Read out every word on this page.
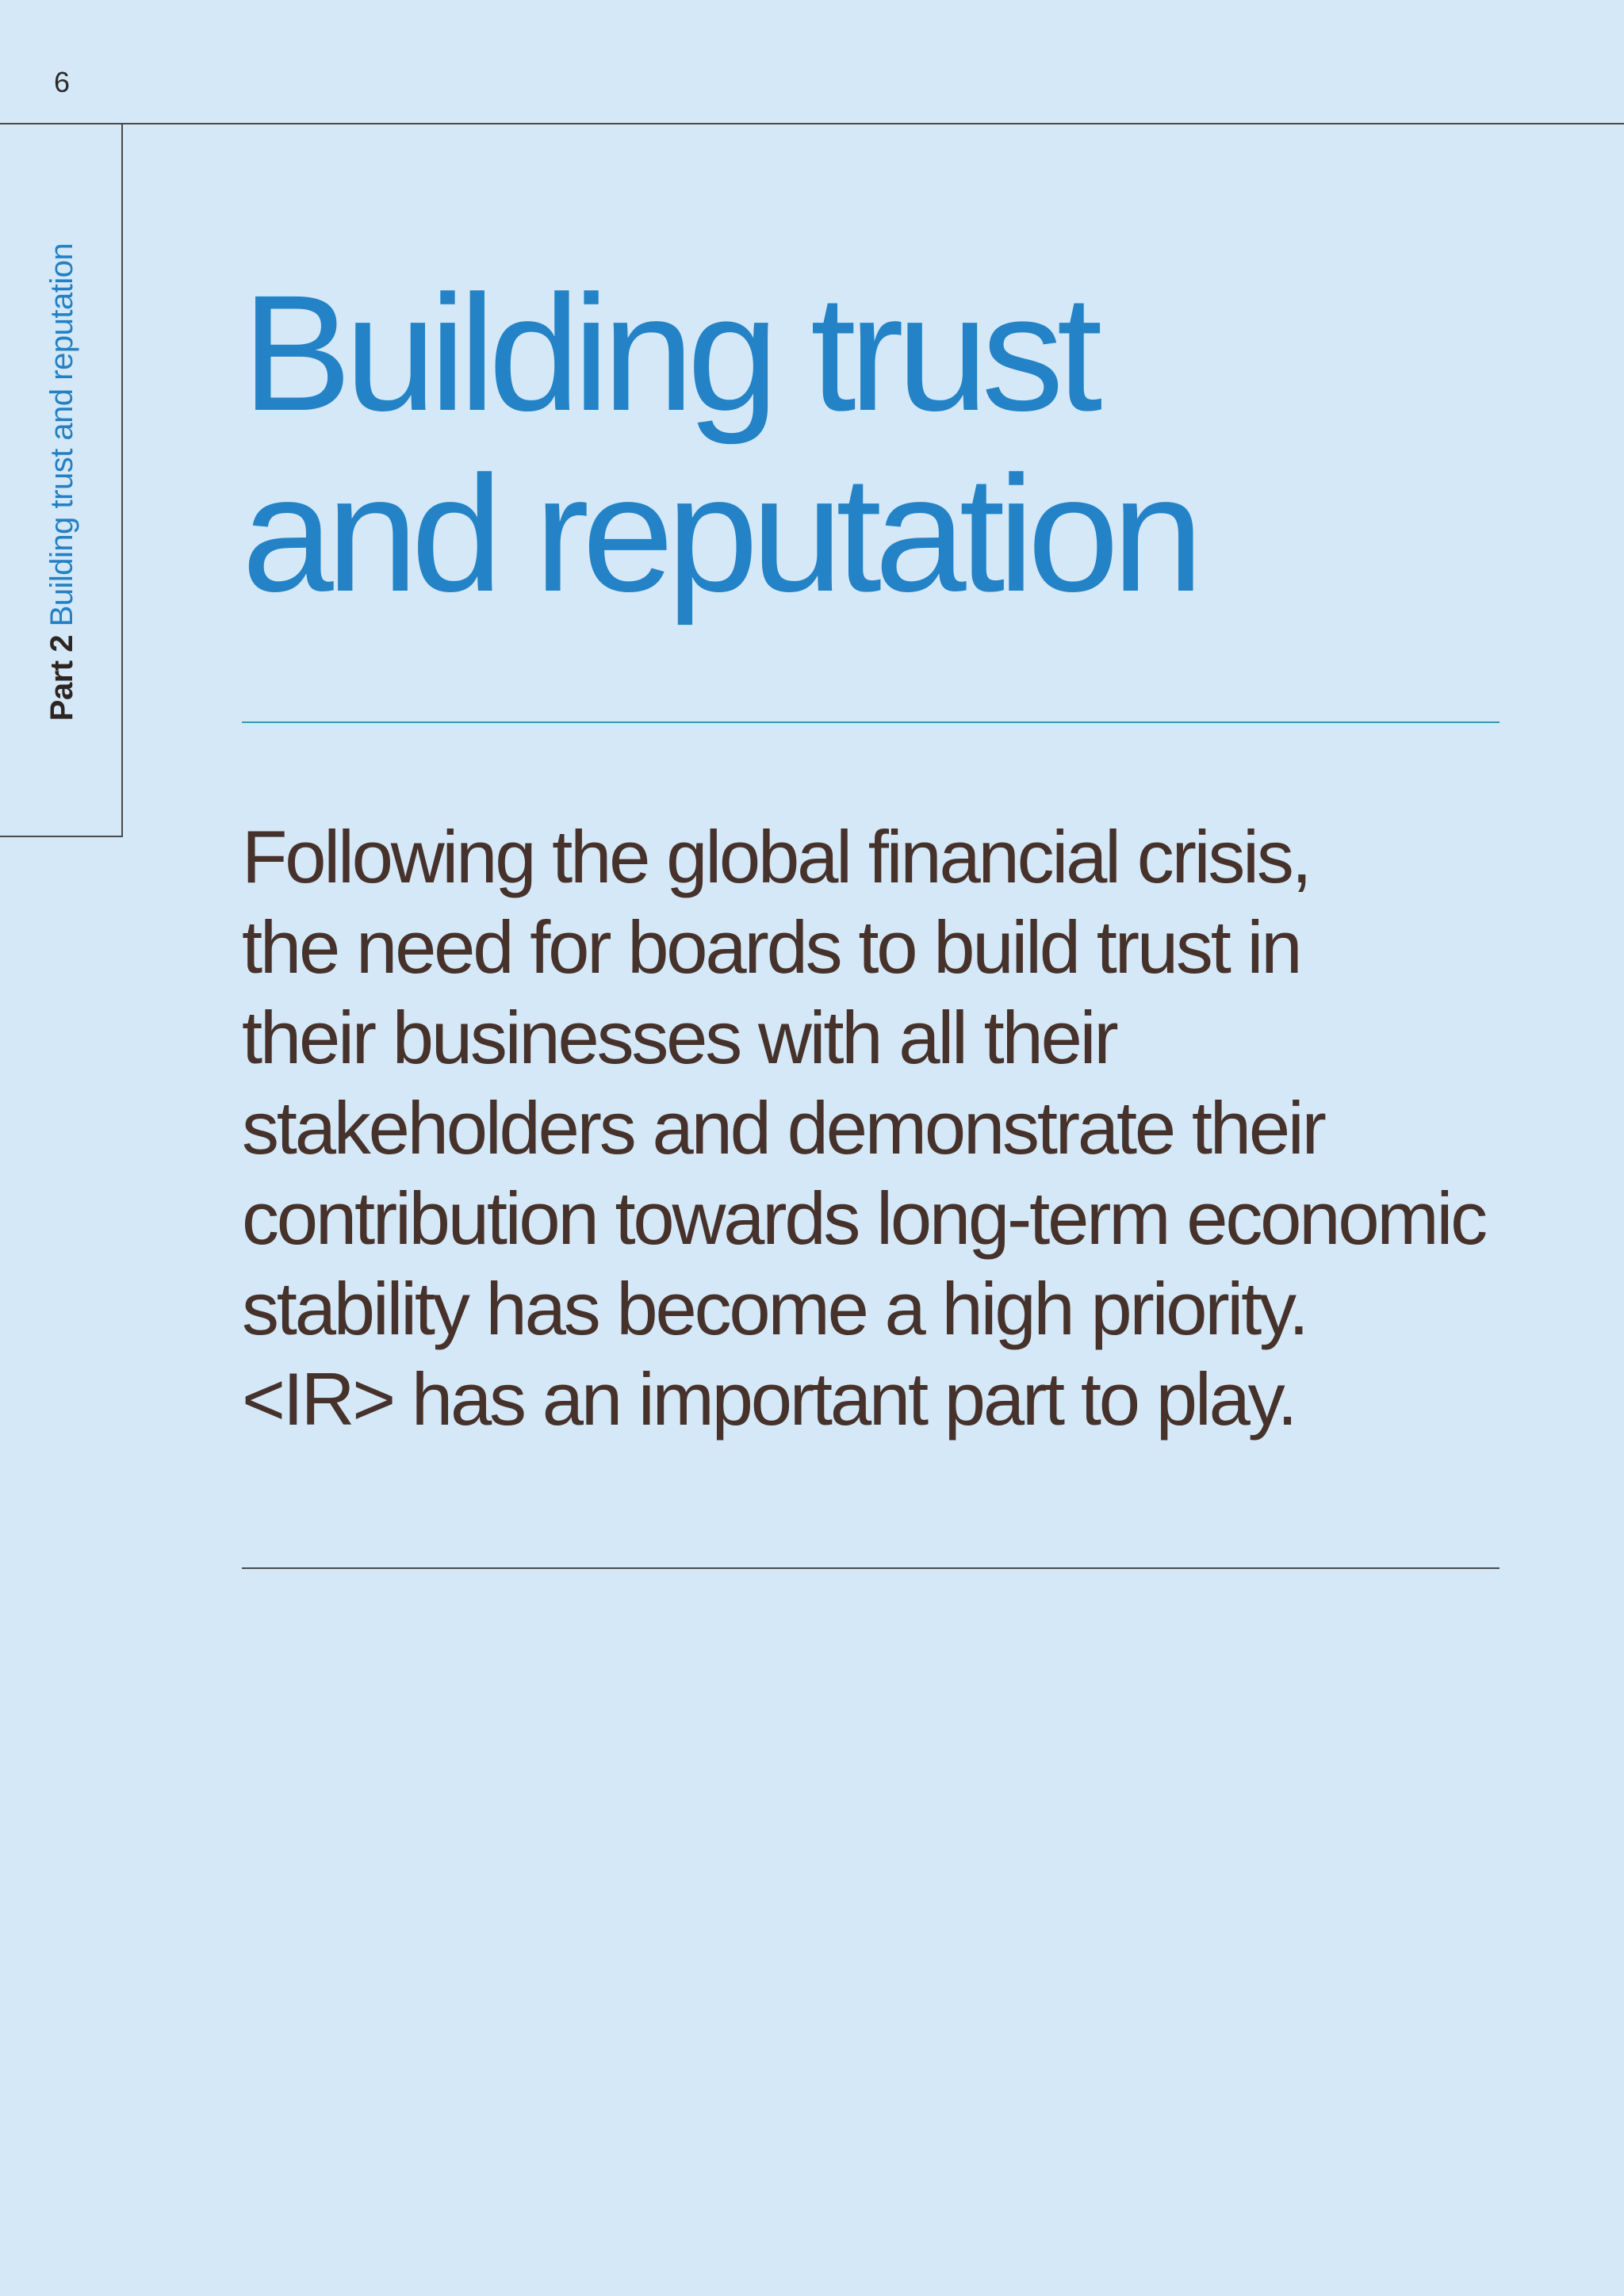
6
Part 2 Building trust and reputation Building trust
and reputation

Following the global financial crisis,
the need for boards to build trust in
their businesses with all their
stakeholders and demonstrate their
contribution towards long-term economic
stability has become a high priority.
<IR> has an important part to play.
